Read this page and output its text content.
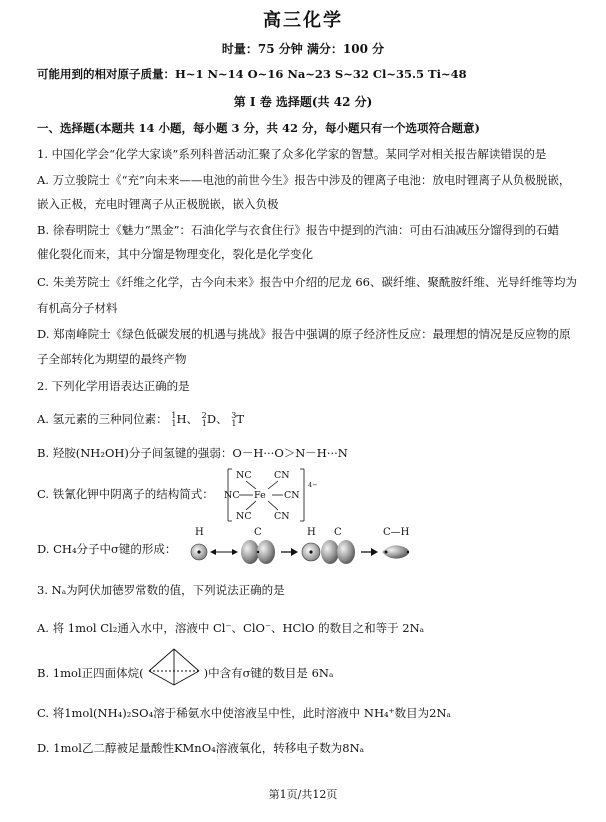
高三化学
时量：75 分钟 满分：100 分
可能用到的相对原子质量：H~1 N~14 O~16 Na~23 S~32 Cl~35.5 Ti~48
第 I 卷 选择题(共 42 分)
一、选择题(本题共 14 小题，每小题 3 分，共 42 分，每小题只有一个选项符合题意)
1. 中国化学会“化学大家谈”系列科普活动汇聚了众多化学家的智慧。某同学对相关报告解读错误的是
A. 万立骏院士《“充”向未来——电池的前世今生》报告中涉及的锂离子电池：放电时锂离子从负极脱嵌，
嵌入正极，充电时锂离子从正极脱嵌，嵌入负极
B. 徐春明院士《魅力“黑金”：石油化学与衣食住行》报告中提到的汽油：可由石油减压分馏得到的石蜡
催化裂化而来，其中分馏是物理变化，裂化是化学变化
C. 朱美芳院士《纤维之化学，古今向未来》报告中介绍的尼龙 66、碳纤维、聚酰胺纤维、光导纤维等均为
有机高分子材料
D. 郑南峰院士《绿色低碳发展的机遇与挑战》报告中强调的原子经济性反应：最理想的情况是反应物的原
子全部转化为期望的最终产物
2. 下列化学用语表达正确的是
A. 氢元素的三种同位素： $^1_1$H、 $^2_1$D、 $^3_1$T
B. 羟胺(NH₂OH)分子间氢键的强弱：O－H···O＞N－H···N
C. 铁氰化钾中阴离子的结构简式：
NC CN
NC Fe CN
NC CN
4−
D. CH₄分子中σ键的形成：
H	C	H C	C—H
3. Nₐ为阿伏加德罗常数的值，下列说法正确的是
A. 将 1mol Cl₂通入水中，溶液中 Cl⁻、ClO⁻、HClO 的数目之和等于 2Nₐ
B. 1mol正四面体烷(	)中含有σ键的数目是 6Nₐ
C. 将1mol(NH₄)₂SO₄溶于稀氨水中使溶液呈中性，此时溶液中 NH₄⁺数目为2Nₐ
D. 1mol乙二醇被足量酸性KMnO₄溶液氧化，转移电子数为8Nₐ
第1页/共12页
